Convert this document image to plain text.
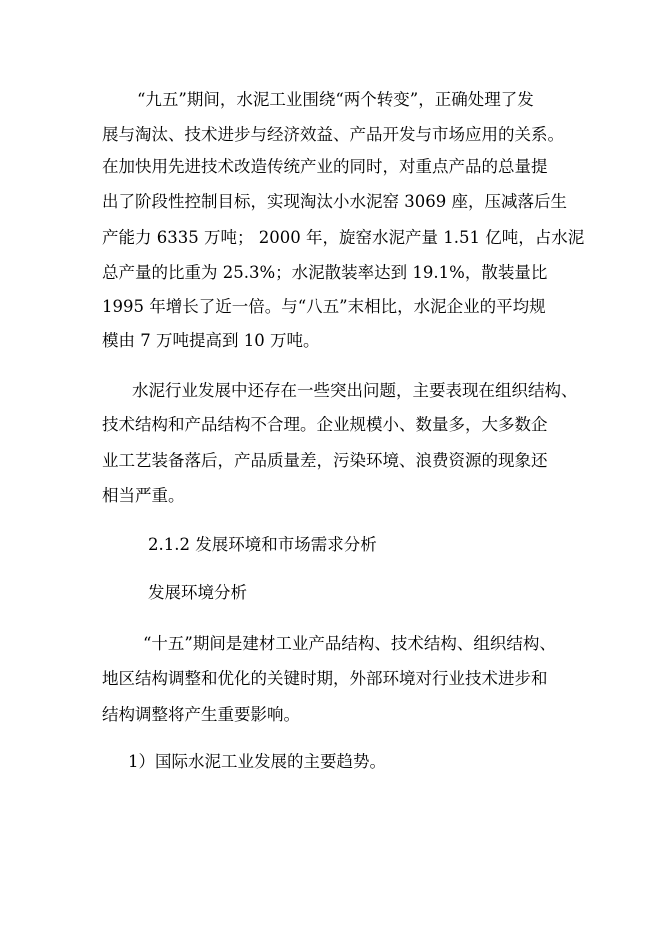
“九五”期间，水泥工业围绕“两个转变”，正确处理了发
展与淘汰、技术进步与经济效益、产品开发与市场应用的关系。
在加快用先进技术改造传统产业的同时，对重点产品的总量提
出了阶段性控制目标，实现淘汰小水泥窑 3069 座，压减落后生
产能力 6335 万吨； 2000 年，旋窑水泥产量 1.51 亿吨，占水泥
总产量的比重为 25.3%；水泥散装率达到 19.1%，散装量比
1995 年增长了近一倍。与“八五”末相比，水泥企业的平均规
模由 7 万吨提高到 10 万吨。
水泥行业发展中还存在一些突出问题，主要表现在组织结构、
技术结构和产品结构不合理。企业规模小、数量多，大多数企
业工艺装备落后，产品质量差，污染环境、浪费资源的现象还
相当严重。
2.1.2 发展环境和市场需求分析
发展环境分析
“十五”期间是建材工业产品结构、技术结构、组织结构、
地区结构调整和优化的关键时期，外部环境对行业技术进步和
结构调整将产生重要影响。
1）国际水泥工业发展的主要趋势。
